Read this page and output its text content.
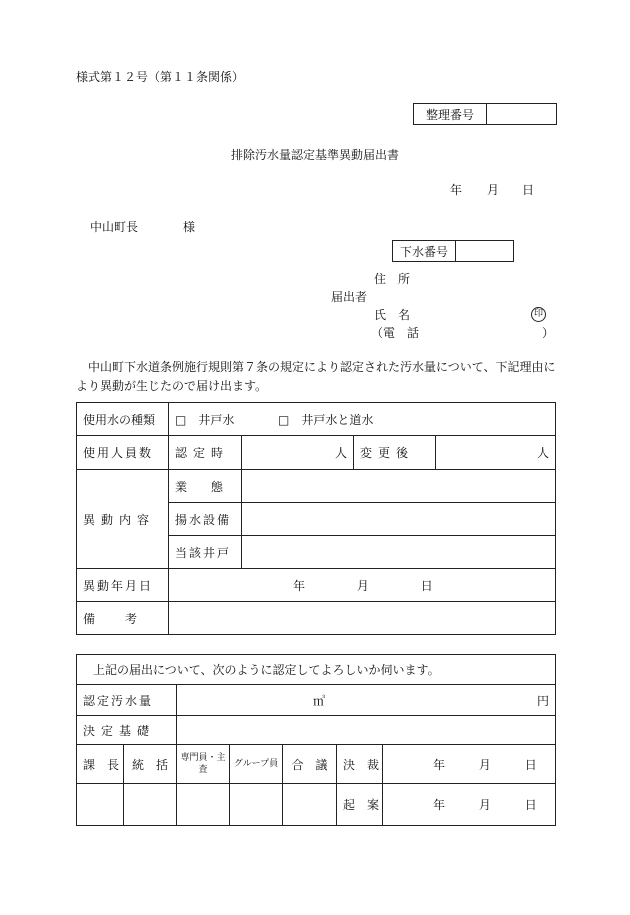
様式第１２号（第１１条関係）
整理番号	
排除汚水量認定基準異動届出書
年 月 日
中山町長	様
下水番号	
住　所
届出者
氏　名	印
（電　話	）
中山町下水道条例施行規則第７条の規定により認定された汚水量について、下記理由により異動が生じたので届け出ます。
使用水の種類	□　井戸水 □　井戸水と道水			
使用人員数	認定時	人	変更後	人
異動内容	業　　態			
	揚水設備			
	当該井戸			
異動年月日	年 月 日			
備　　考				
上記の届出について、次のように認定してよろしいか伺います。						
認定汚水量		㎥ 円				

決定基礎						
課　長	統　括	専門員・主査	グループ員	合　議	決　裁	年 月 日
					起　案	年 月 日
